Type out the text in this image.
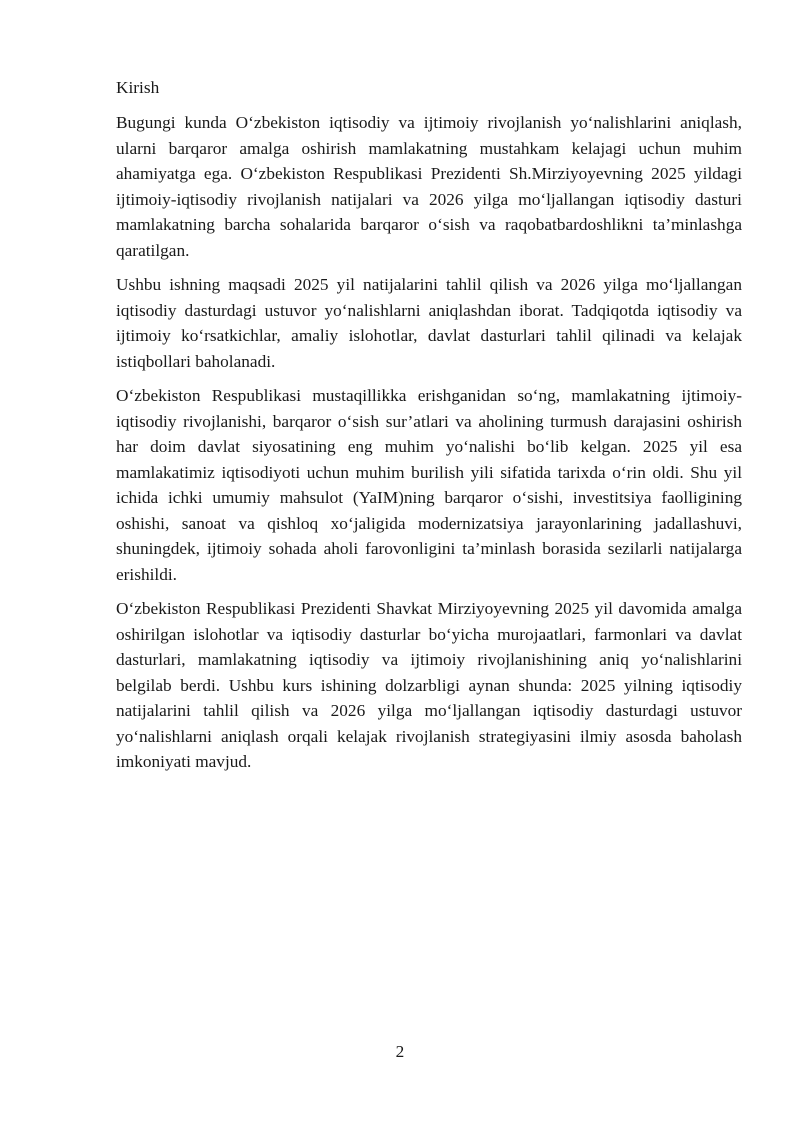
Kirish

Bugungi kunda O‘zbekiston iqtisodiy va ijtimoiy rivojlanish yo‘nalishlarini aniqlash, ularni barqaror amalga oshirish mamlakatning mustahkam kelajagi uchun muhim ahamiyatga ega. O‘zbekiston Respublikasi Prezidenti Sh.Mirziyoyevning 2025 yildagi ijtimoiy-iqtisodiy rivojlanish natijalari va 2026 yilga mo‘ljallangan iqtisodiy dasturi mamlakatning barcha sohalarida barqaror o‘sish va raqobatbardoshlikni ta’minlashga qaratilgan.

Ushbu ishning maqsadi 2025 yil natijalarini tahlil qilish va 2026 yilga mo‘ljallangan iqtisodiy dasturdagi ustuvor yo‘nalishlarni aniqlashdan iborat. Tadqiqotda iqtisodiy va ijtimoiy ko‘rsatkichlar, amaliy islohotlar, davlat dasturlari tahlil qilinadi va kelajak istiqbollari baholanadi.

O‘zbekiston Respublikasi mustaqillikka erishganidan so‘ng, mamlakatning ijtimoiy-iqtisodiy rivojlanishi, barqaror o‘sish sur’atlari va aholining turmush darajasini oshirish har doim davlat siyosatining eng muhim yo‘nalishi bo‘lib kelgan. 2025 yil esa mamlakatimiz iqtisodiyoti uchun muhim burilish yili sifatida tarixda o‘rin oldi. Shu yil ichida ichki umumiy mahsulot (YaIM)ning barqaror o‘sishi, investitsiya faolligining oshishi, sanoat va qishloq xo‘jaligida modernizatsiya jarayonlarining jadallashuvi, shuningdek, ijtimoiy sohada aholi farovonligini ta’minlash borasida sezilarli natijalarga erishildi.

O‘zbekiston Respublikasi Prezidenti Shavkat Mirziyoyevning 2025 yil davomida amalga oshirilgan islohotlar va iqtisodiy dasturlar bo‘yicha murojaatlari, farmonlari va davlat dasturlari, mamlakatning iqtisodiy va ijtimoiy rivojlanishining aniq yo‘nalishlarini belgilab berdi. Ushbu kurs ishining dolzarbligi aynan shunda: 2025 yilning iqtisodiy natijalarini tahlil qilish va 2026 yilga mo‘ljallangan iqtisodiy dasturdagi ustuvor yo‘nalishlarni aniqlash orqali kelajak rivojlanish strategiyasini ilmiy asosda baholash imkoniyati mavjud.

2
